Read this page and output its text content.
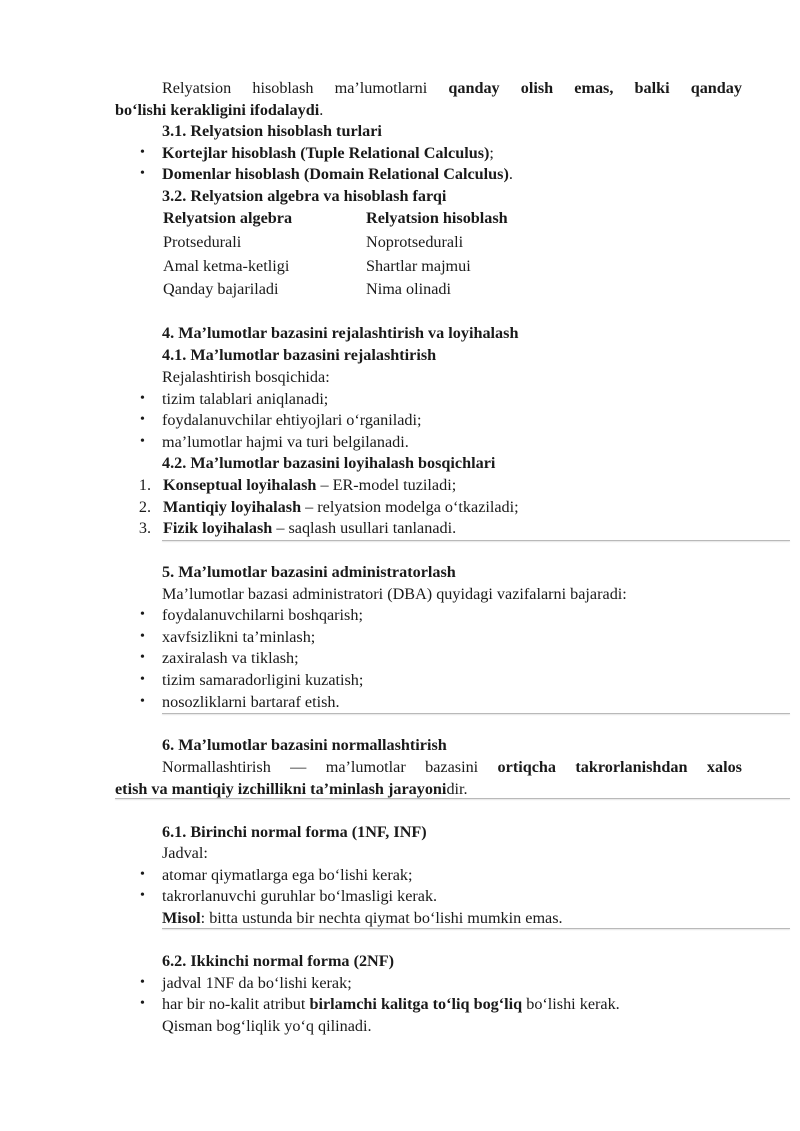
Relyatsion hisoblash ma’lumotlarni qanday olish emas, balki qanday
bo‘lishi kerakligini ifodalaydi.
3.1. Relyatsion hisoblash turlari
• Kortejlar hisoblash (Tuple Relational Calculus);
• Domenlar hisoblash (Domain Relational Calculus).
3.2. Relyatsion algebra va hisoblash farqi
Relyatsion algebra	Relyatsion hisoblash
Protsedurali	Noprotsedurali
Amal ketma-ketligi	Shartlar majmui
Qanday bajariladi	Nima olinadi
4. Ma’lumotlar bazasini rejalashtirish va loyihalash
4.1. Ma’lumotlar bazasini rejalashtirish
Rejalashtirish bosqichida:
• tizim talablari aniqlanadi;
• foydalanuvchilar ehtiyojlari o‘rganiladi;
• ma’lumotlar hajmi va turi belgilanadi.
4.2. Ma’lumotlar bazasini loyihalash bosqichlari
1. Konseptual loyihalash – ER-model tuziladi;
2. Mantiqiy loyihalash – relyatsion modelga o‘tkaziladi;
3. Fizik loyihalash – saqlash usullari tanlanadi.
5. Ma’lumotlar bazasini administratorlash
Ma’lumotlar bazasi administratori (DBA) quyidagi vazifalarni bajaradi:
• foydalanuvchilarni boshqarish;
• xavfsizlikni ta’minlash;
• zaxiralash va tiklash;
• tizim samaradorligini kuzatish;
• nosozliklarni bartaraf etish.
6. Ma’lumotlar bazasini normallashtirish
Normallashtirish — ma’lumotlar bazasini ortiqcha takrorlanishdan xalos
etish va mantiqiy izchillikni ta’minlash jarayonidir.
6.1. Birinchi normal forma (1NF, INF)
Jadval:
• atomar qiymatlarga ega bo‘lishi kerak;
• takrorlanuvchi guruhlar bo‘lmasligi kerak.
Misol: bitta ustunda bir nechta qiymat bo‘lishi mumkin emas.
6.2. Ikkinchi normal forma (2NF)
• jadval 1NF da bo‘lishi kerak;
• har bir no-kalit atribut birlamchi kalitga to‘liq bog‘liq bo‘lishi kerak.
Qisman bog‘liqlik yo‘q qilinadi.
